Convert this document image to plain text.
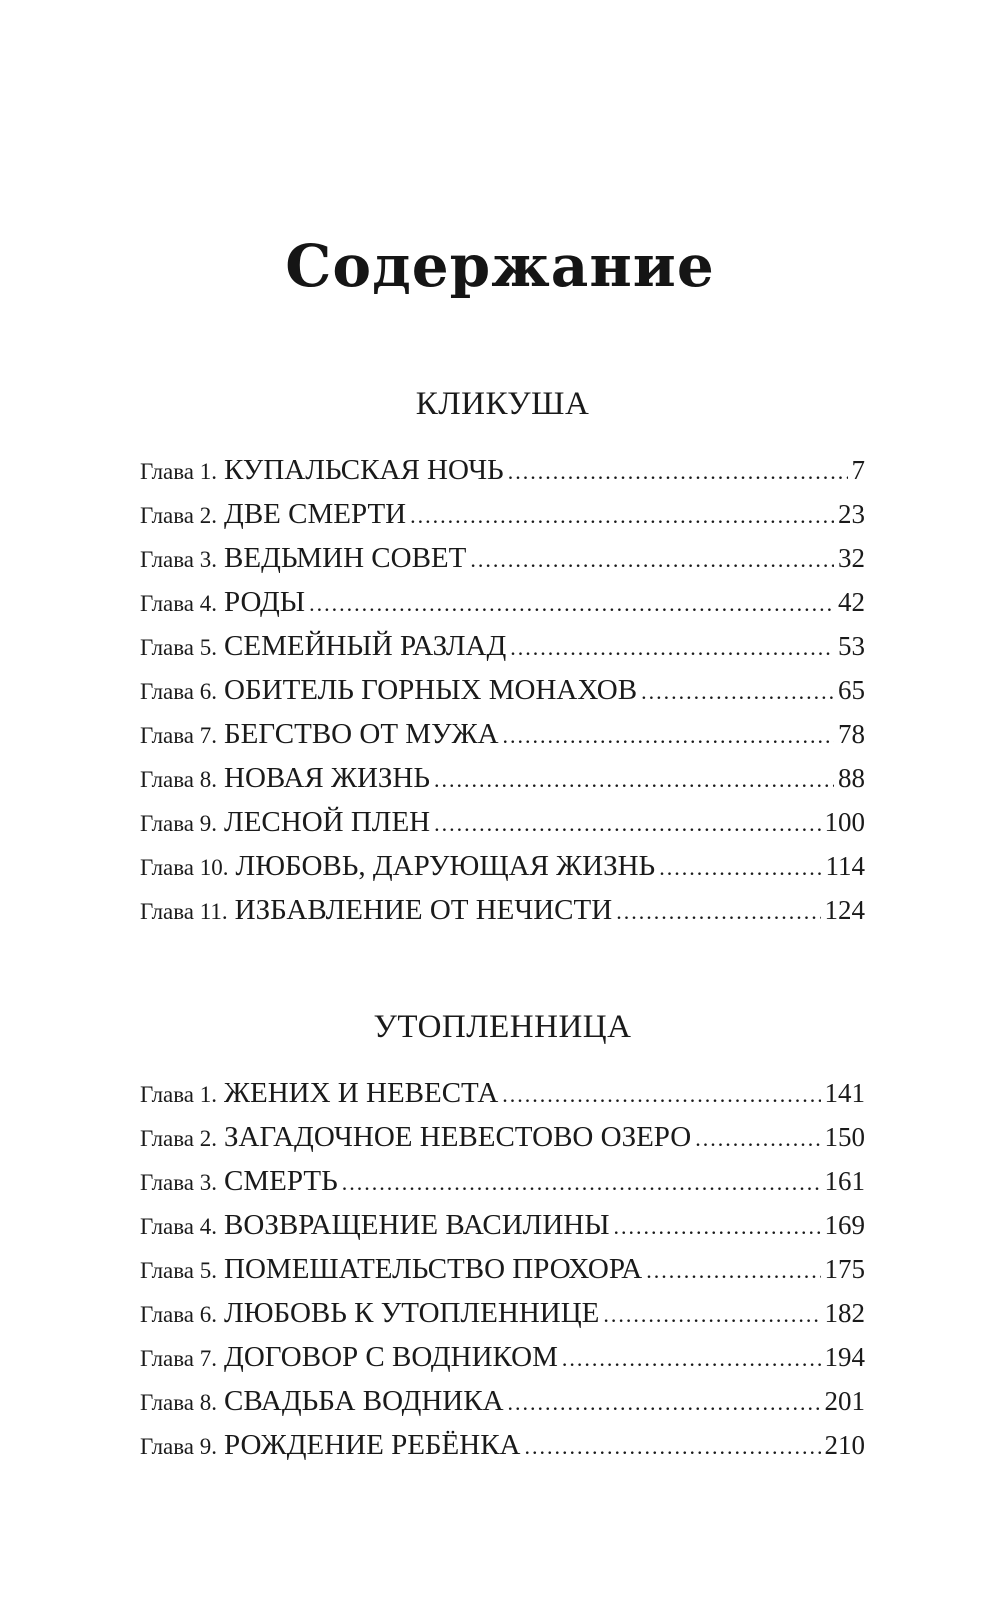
Содержание
КЛИКУША
Глава 1. КУПАЛЬСКАЯ НОЧЬ .....	7
Глава 2. ДВЕ СМЕРТИ .....	23
Глава 3. ВЕДЬМИН СОВЕТ .....	32
Глава 4. РОДЫ .....	42
Глава 5. СЕМЕЙНЫЙ РАЗЛАД .....	53
Глава 6. ОБИТЕЛЬ ГОРНЫХ МОНАХОВ .....	65
Глава 7. БЕГСТВО ОТ МУЖА .....	78
Глава 8. НОВАЯ ЖИЗНЬ .....	88
Глава 9. ЛЕСНОЙ ПЛЕН .....	100
Глава 10. ЛЮБОВЬ, ДАРУЮЩАЯ ЖИЗНЬ .....	114
Глава 11. ИЗБАВЛЕНИЕ ОТ НЕЧИСТИ .....	124
УТОПЛЕННИЦА
Глава 1. ЖЕНИХ И НЕВЕСТА .....	141
Глава 2. ЗАГАДОЧНОЕ НЕВЕСТОВО ОЗЕРО .....	150
Глава 3. СМЕРТЬ .....	161
Глава 4. ВОЗВРАЩЕНИЕ ВАСИЛИНЫ .....	169
Глава 5. ПОМЕШАТЕЛЬСТВО ПРОХОРА .....	175
Глава 6. ЛЮБОВЬ К УТОПЛЕННИЦЕ .....	182
Глава 7. ДОГОВОР С ВОДНИКОМ .....	194
Глава 8. СВАДЬБА ВОДНИКА .....	201
Глава 9. РОЖДЕНИЕ РЕБЁНКА .....	210
